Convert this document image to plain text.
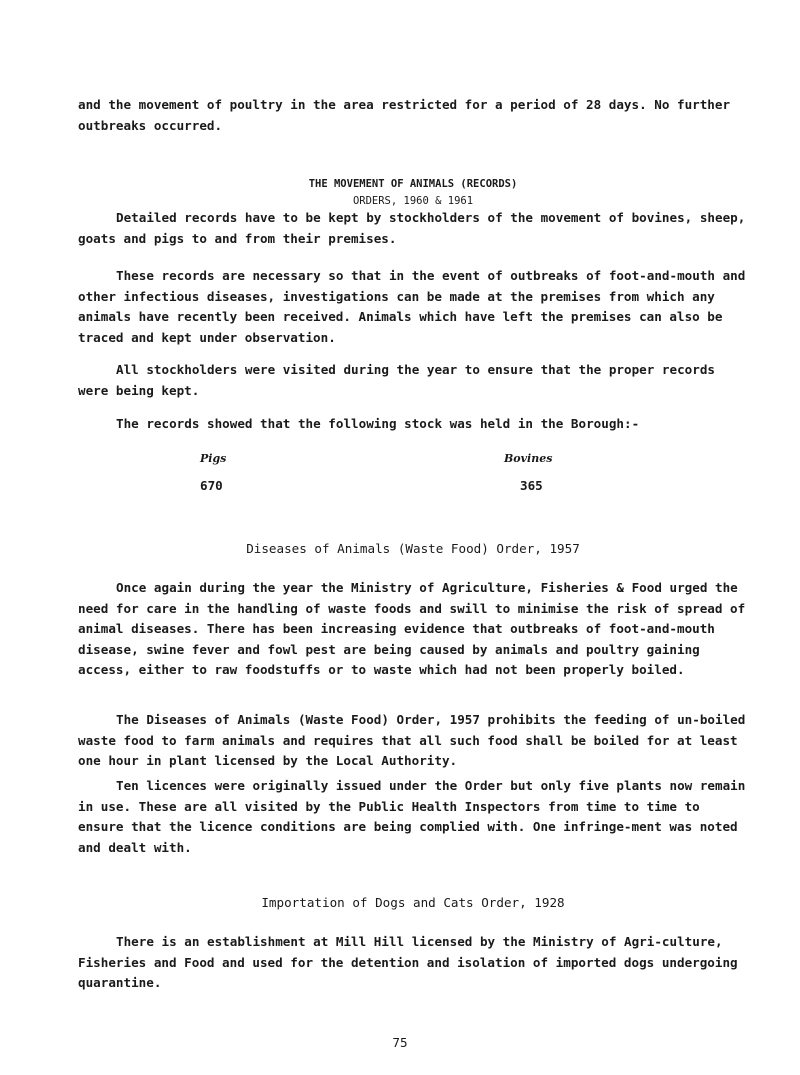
and the movement of poultry in the area restricted for a period of 28 days. No further outbreaks occurred.
THE MOVEMENT OF ANIMALS (RECORDS)
ORDERS, 1960 & 1961
Detailed records have to be kept by stockholders of the movement of bovines, sheep, goats and pigs to and from their premises.
These records are necessary so that in the event of outbreaks of foot-and-mouth and other infectious diseases, investigations can be made at the premises from which any animals have recently been received. Animals which have left the premises can also be traced and kept under observation.
All stockholders were visited during the year to ensure that the proper records were being kept.
The records showed that the following stock was held in the Borough:-
Pigs	Bovines
670	365
Diseases of Animals (Waste Food) Order, 1957
Once again during the year the Ministry of Agriculture, Fisheries & Food urged the need for care in the handling of waste foods and swill to minimise the risk of spread of animal diseases. There has been increasing evidence that outbreaks of foot-and-mouth disease, swine fever and fowl pest are being caused by animals and poultry gaining access, either to raw foodstuffs or to waste which had not been properly boiled.
The Diseases of Animals (Waste Food) Order, 1957 prohibits the feeding of un-boiled waste food to farm animals and requires that all such food shall be boiled for at least one hour in plant licensed by the Local Authority.
Ten licences were originally issued under the Order but only five plants now remain in use. These are all visited by the Public Health Inspectors from time to time to ensure that the licence conditions are being complied with. One infringe-ment was noted and dealt with.
Importation of Dogs and Cats Order, 1928
There is an establishment at Mill Hill licensed by the Ministry of Agri-culture, Fisheries and Food and used for the detention and isolation of imported dogs undergoing quarantine.
75
